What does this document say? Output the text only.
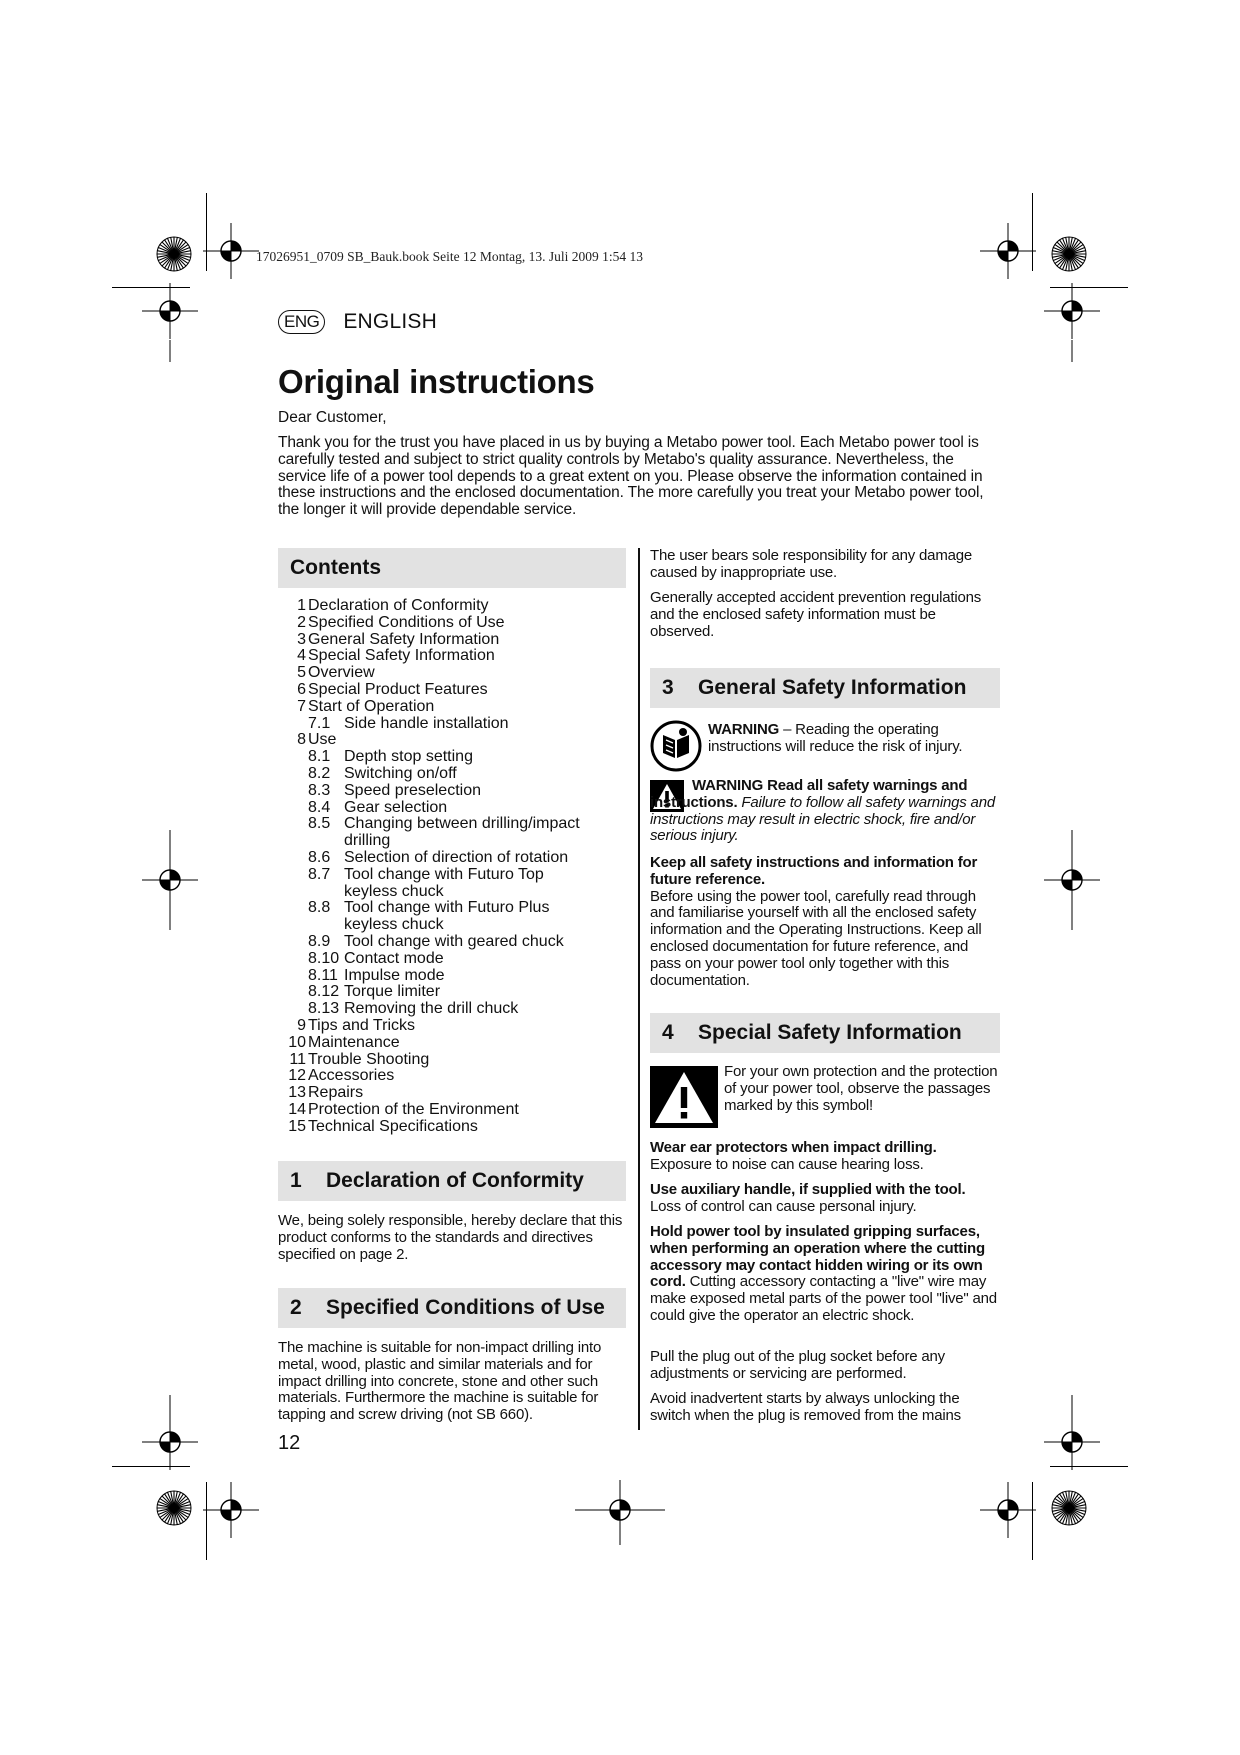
17026951_0709 SB_Bauk.book Seite 12 Montag, 13. Juli 2009 1:54 13
ENG ENGLISH
Original instructions
Dear Customer,

Thank you for the trust you have placed in us by buying a Metabo power tool. Each Metabo power tool is carefully tested and subject to strict quality controls by Metabo's quality assurance. Nevertheless, the service life of a power tool depends to a great extent on you. Please observe the information contained in these instructions and the enclosed documentation. The more carefully you treat your Metabo power tool, the longer it will provide dependable service.

Contents
1 Declaration of Conformity
2 Specified Conditions of Use
3 General Safety Information
4 Special Safety Information
5 Overview
6 Special Product Features
7 Start of Operation
7.1 Side handle installation
8 Use
8.1 Depth stop setting
8.2 Switching on/off
8.3 Speed preselection
8.4 Gear selection
8.5 Changing between drilling/impact
drilling
8.6 Selection of direction of rotation
8.7 Tool change with Futuro Top
keyless chuck
8.8 Tool change with Futuro Plus
keyless chuck
8.9 Tool change with geared chuck
8.10 Contact mode
8.11 Impulse mode
8.12 Torque limiter
8.13 Removing the drill chuck
9 Tips and Tricks
10 Maintenance
11 Trouble Shooting
12 Accessories
13 Repairs
14 Protection of the Environment
15 Technical Specifications
1 Declaration of Conformity

We, being solely responsible, hereby declare that this product conforms to the standards and directives specified on page 2.

2 Specified Conditions of Use

The machine is suitable for non-impact drilling into metal, wood, plastic and similar materials and for impact drilling into concrete, stone and other such materials. Furthermore the machine is suitable for tapping and screw driving (not SB 660).

The user bears sole responsibility for any damage caused by inappropriate use.

Generally accepted accident prevention regulations and the enclosed safety information must be observed.

3 General Safety Information

WARNING – Reading the operating instructions will reduce the risk of injury.

WARNING Read all safety warnings and instructions. Failure to follow all safety warnings and instructions may result in electric shock, fire and/or serious injury.

Keep all safety instructions and information for future reference.
Before using the power tool, carefully read through and familiarise yourself with all the enclosed safety information and the Operating Instructions. Keep all enclosed documentation for future reference, and pass on your power tool only together with this documentation.

4 Special Safety Information

For your own protection and the protection of your power tool, observe the passages marked by this symbol!

Wear ear protectors when impact drilling.
Exposure to noise can cause hearing loss.

Use auxiliary handle, if supplied with the tool.
Loss of control can cause personal injury.

Hold power tool by insulated gripping surfaces, when performing an operation where the cutting accessory may contact hidden wiring or its own cord. Cutting accessory contacting a "live" wire may make exposed metal parts of the power tool "live" and could give the operator an electric shock.

Pull the plug out of the plug socket before any adjustments or servicing are performed.

Avoid inadvertent starts by always unlocking the switch when the plug is removed from the mains

12
